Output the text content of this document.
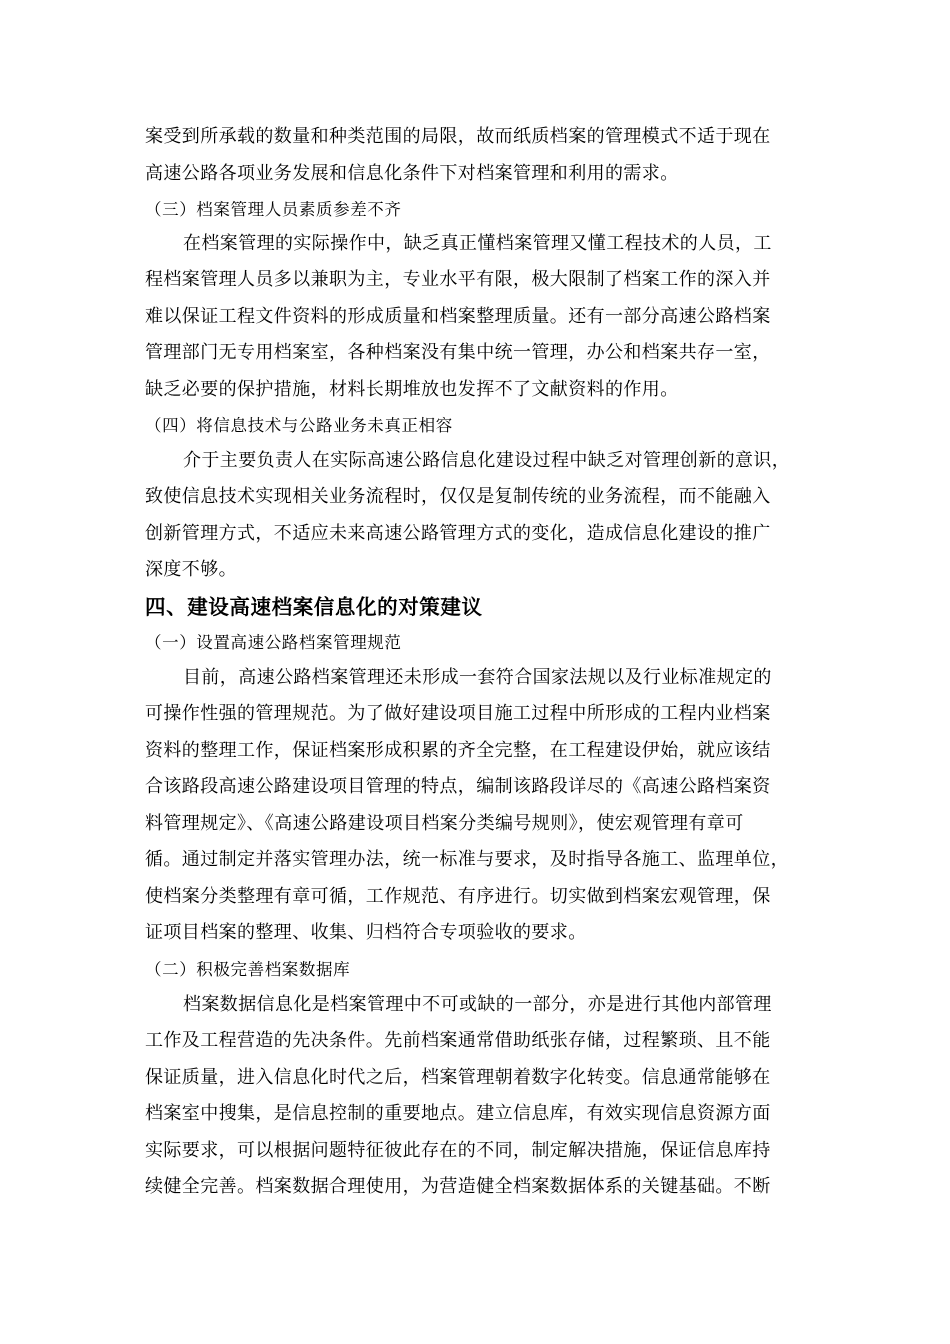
案受到所承载的数量和种类范围的局限，故而纸质档案的管理模式不适于现在
高速公路各项业务发展和信息化条件下对档案管理和利用的需求。
（三）档案管理人员素质参差不齐
在档案管理的实际操作中，缺乏真正懂档案管理又懂工程技术的人员，工
程档案管理人员多以兼职为主，专业水平有限，极大限制了档案工作的深入并
难以保证工程文件资料的形成质量和档案整理质量。还有一部分高速公路档案
管理部门无专用档案室，各种档案没有集中统一管理，办公和档案共存一室，
缺乏必要的保护措施，材料长期堆放也发挥不了文献资料的作用。
（四）将信息技术与公路业务未真正相容
介于主要负责人在实际高速公路信息化建设过程中缺乏对管理创新的意识，
致使信息技术实现相关业务流程时，仅仅是复制传统的业务流程，而不能融入
创新管理方式，不适应未来高速公路管理方式的变化，造成信息化建设的推广
深度不够。
四、建设高速档案信息化的对策建议
（一）设置高速公路档案管理规范
目前，高速公路档案管理还未形成一套符合国家法规以及行业标准规定的
可操作性强的管理规范。为了做好建设项目施工过程中所形成的工程内业档案
资料的整理工作，保证档案形成积累的齐全完整，在工程建设伊始，就应该结
合该路段高速公路建设项目管理的特点，编制该路段详尽的《高速公路档案资
料管理规定》、《高速公路建设项目档案分类编号规则》，使宏观管理有章可
循。通过制定并落实管理办法，统一标准与要求，及时指导各施工、监理单位，
使档案分类整理有章可循，工作规范、有序进行。切实做到档案宏观管理，保
证项目档案的整理、收集、归档符合专项验收的要求。
（二）积极完善档案数据库
档案数据信息化是档案管理中不可或缺的一部分，亦是进行其他内部管理
工作及工程营造的先决条件。先前档案通常借助纸张存储，过程繁琐、且不能
保证质量，进入信息化时代之后，档案管理朝着数字化转变。信息通常能够在
档案室中搜集，是信息控制的重要地点。建立信息库，有效实现信息资源方面
实际要求，可以根据问题特征彼此存在的不同，制定解决措施，保证信息库持
续健全完善。档案数据合理使用，为营造健全档案数据体系的关键基础。不断
